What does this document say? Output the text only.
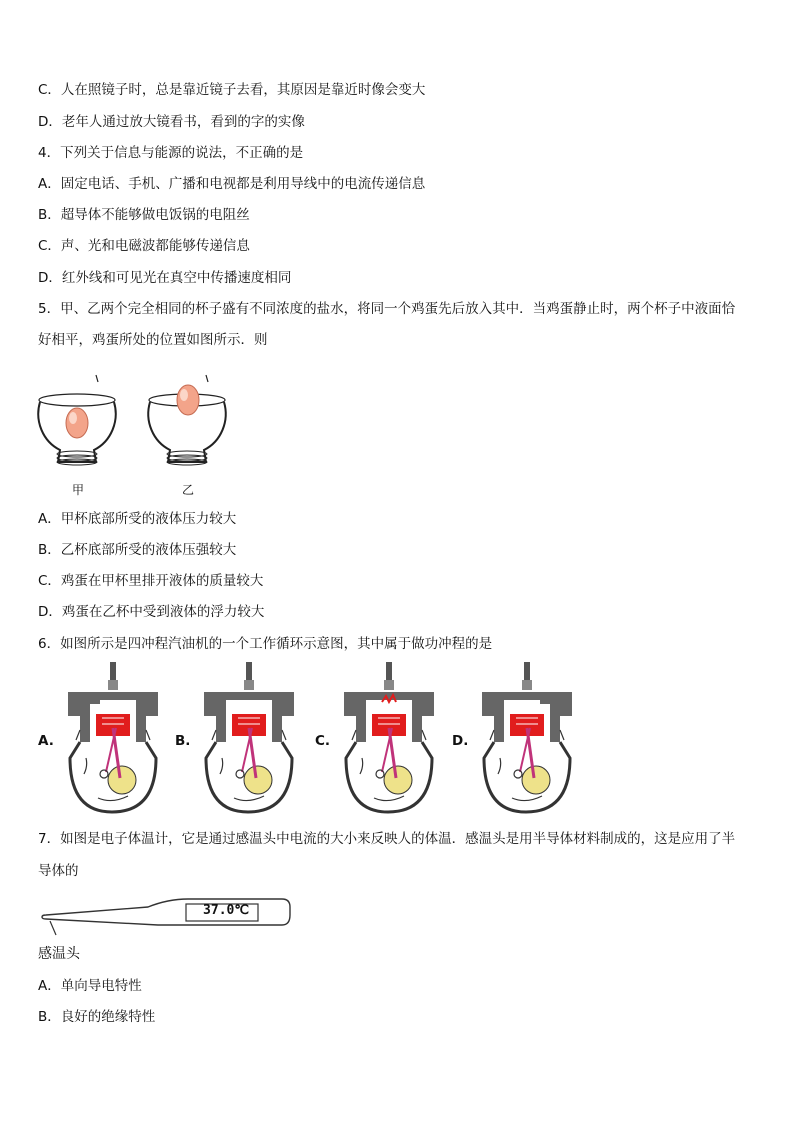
C．人在照镜子时，总是靠近镜子去看，其原因是靠近时像会变大
D．老年人通过放大镜看书，看到的字的实像
4．下列关于信息与能源的说法，不正确的是
A．固定电话、手机、广播和电视都是利用导线中的电流传递信息
B．超导体不能够做电饭锅的电阻丝
C．声、光和电磁波都能够传递信息
D．红外线和可见光在真空中传播速度相同
5．甲、乙两个完全相同的杯子盛有不同浓度的盐水，将同一个鸡蛋先后放入其中．当鸡蛋静止时，两个杯子中液面恰
好相平，鸡蛋所处的位置如图所示．则
甲	乙
A．甲杯底部所受的液体压力较大
B．乙杯底部所受的液体压强较大
C．鸡蛋在甲杯里排开液体的质量较大
D．鸡蛋在乙杯中受到液体的浮力较大
6．如图所示是四冲程汽油机的一个工作循环示意图，其中属于做功冲程的是
A.	B.	C.	D.
7．如图是电子体温计，它是通过感温头中电流的大小来反映人的体温．感温头是用半导体材料制成的，这是应用了半
导体的
37.0℃
感温头
A．单向导电特性
B．良好的绝缘特性
